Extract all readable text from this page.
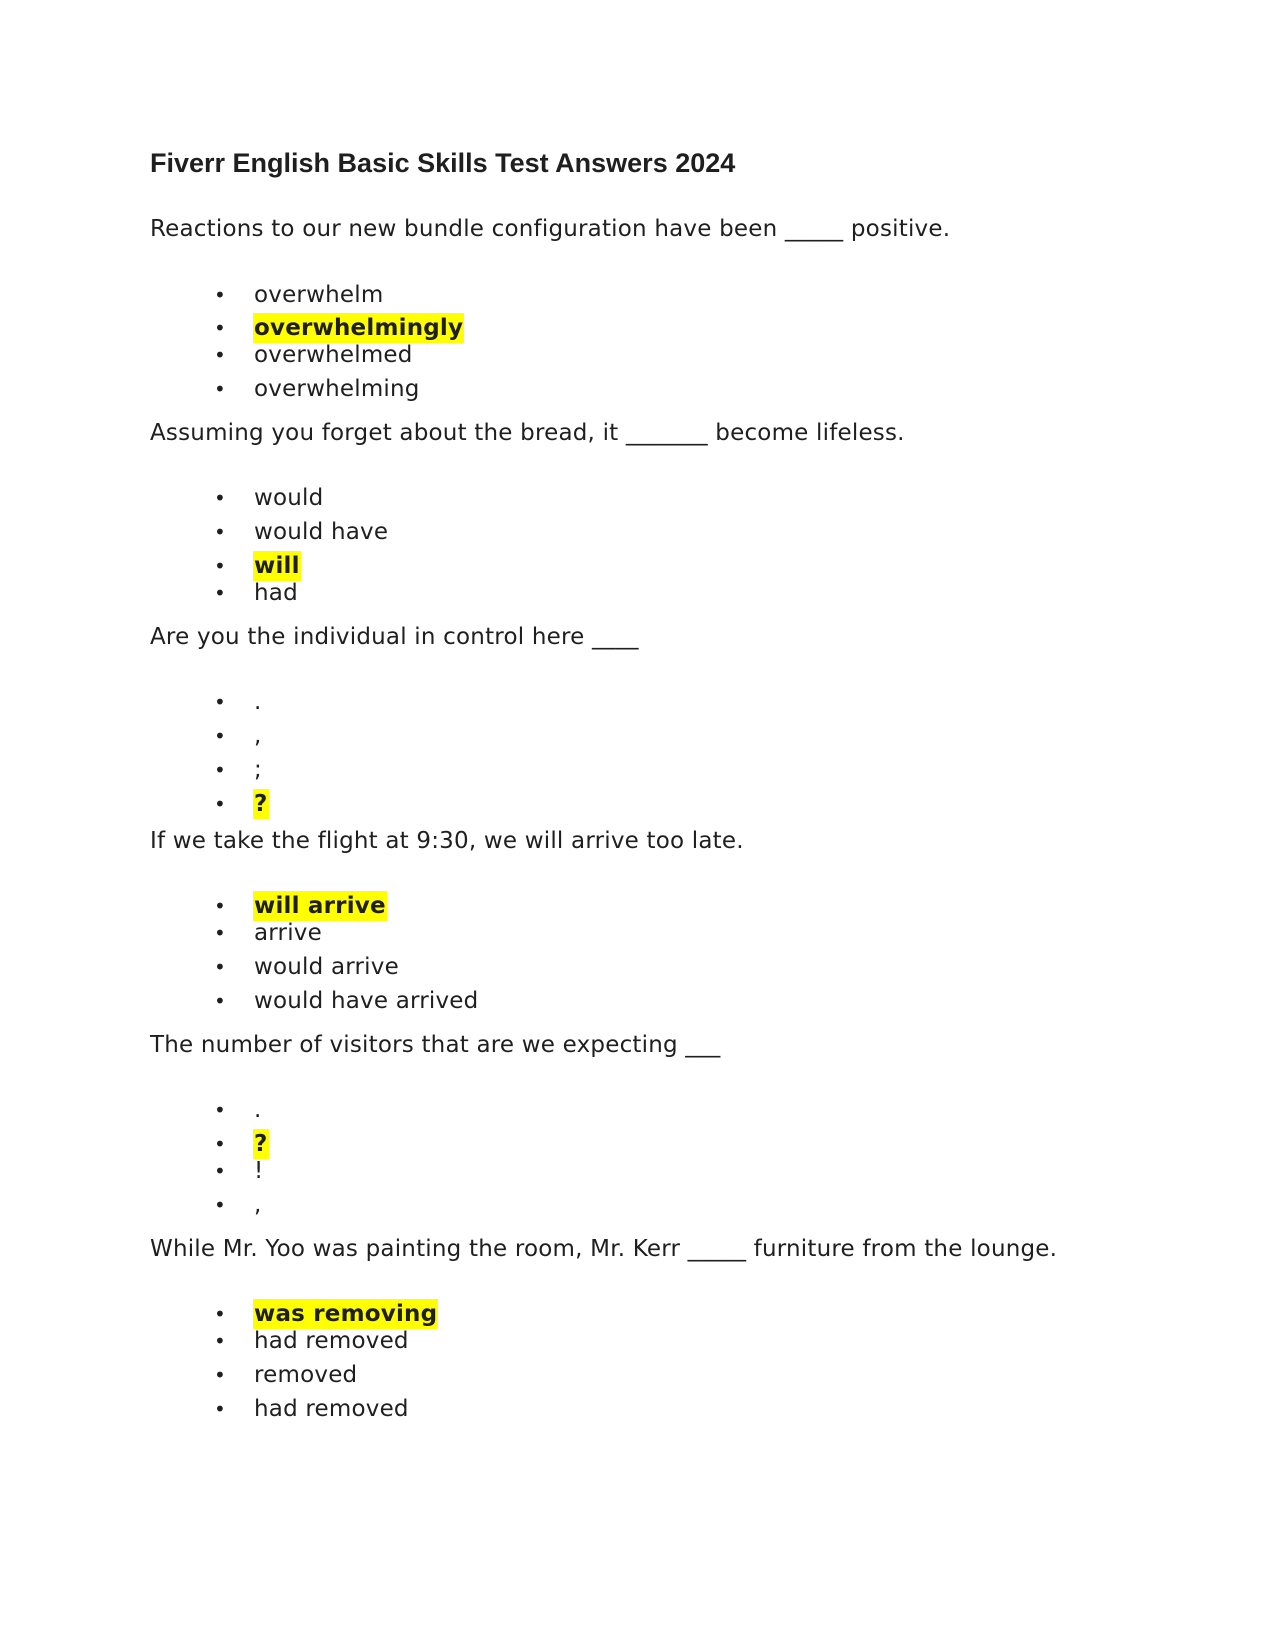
Fiverr English Basic Skills Test Answers 2024
Reactions to our new bundle configuration have been _____ positive.
• overwhelm
• overwhelmingly
• overwhelmed
• overwhelming
Assuming you forget about the bread, it _______ become lifeless.
• would
• would have
• will
• had
Are you the individual in control here ____
• .
• ,
• ;
• ?
If we take the flight at 9:30, we will arrive too late.
• will arrive
• arrive
• would arrive
• would have arrived
The number of visitors that are we expecting ___
• .
• ?
• !
• ,
While Mr. Yoo was painting the room, Mr. Kerr _____ furniture from the lounge.
• was removing
• had removed
• removed
• had removed
